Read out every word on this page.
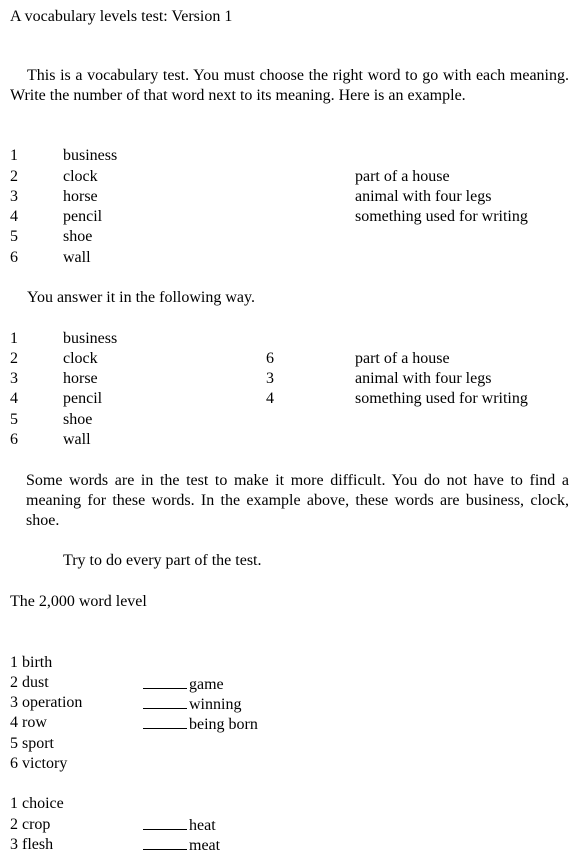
A vocabulary levels test: Version 1
This is a vocabulary test. You must choose the right word to go with each meaning. Write the number of that word next to its meaning. Here is an example.
1
2
3
4
5
6
business
clock
horse
pencil
shoe
wall
part of a house
animal with four legs
something used for writing
You answer it in the following way.
1
2
3
4
5
6
business
clock
horse
pencil
shoe
wall
6
3
4
part of a house
animal with four legs
something used for writing
Some words are in the test to make it more difficult. You do not have to find a meaning for these words. In the example above, these words are business, clock, shoe.
Try to do every part of the test.
The 2,000 word level
1 birth
2 dust
3 operation
4 row
5 sport
6 victory
game
winning
being born
1 choice
2 crop
3 flesh
heat
meat
